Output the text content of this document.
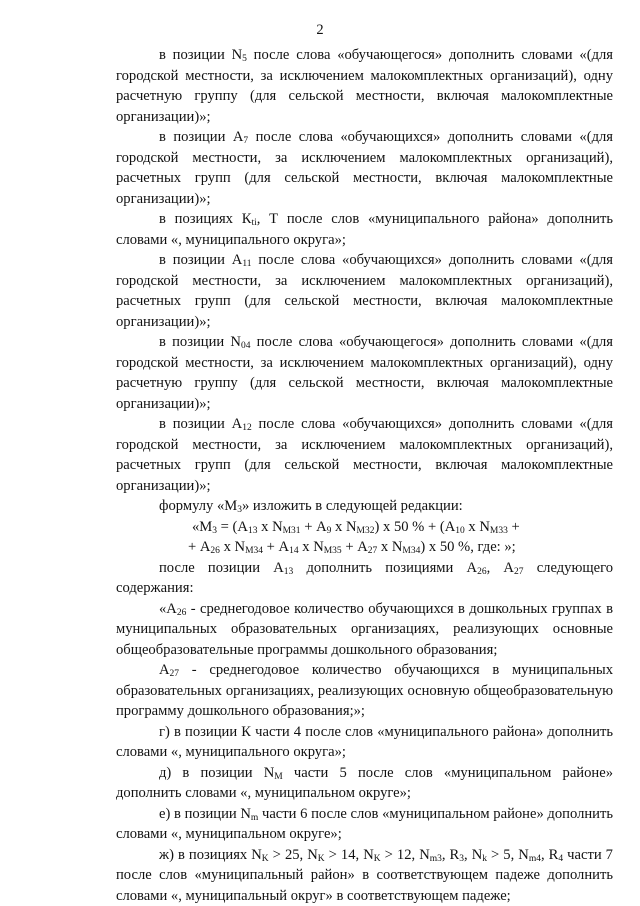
2

в позиции $N_5$ после слова «обучающегося» дополнить словами «(для городской местности, за исключением малокомплектных организаций), одну расчетную группу (для сельской местности, включая малокомплектные организации)»;

в позиции $А_7$ после слова «обучающихся» дополнить словами «(для городской местности, за исключением малокомплектных организаций), расчетных групп (для сельской местности, включая малокомплектные организации)»;

в позициях $К_{ti}$, Т после слов «муниципального района» дополнить словами «, муниципального округа»;

в позиции $А_{11}$ после слова «обучающихся» дополнить словами «(для городской местности, за исключением малокомплектных организаций), расчетных групп (для сельской местности, включая малокомплектные организации)»;

в позиции $N_{04}$ после слова «обучающегося» дополнить словами «(для городской местности, за исключением малокомплектных организаций), одну расчетную группу (для сельской местности, включая малокомплектные организации)»;

в позиции $А_{12}$ после слова «обучающихся» дополнить словами «(для городской местности, за исключением малокомплектных организаций), расчетных групп (для сельской местности, включая малокомплектные организации)»;

формулу «$М_3$» изложить в следующей редакции:

«$М_3 = (А_{13}$ х $N_{М31} + А_9$ х $N_{М32}$) х 50 % + ($А_{10}$ х $N_{М33}$ +

+ $А_{26}$ х $N_{М34} + А_{14}$ х $N_{М35} + А_{27}$ х $N_{М34}$) х 50 %, где: »;

после позиции $А_{13}$ дополнить позициями $А_{26}$, $А_{27}$ следующего содержания:

«$А_{26}$ - среднегодовое количество обучающихся в дошкольных группах в муниципальных образовательных организациях, реализующих основные общеобразовательные программы дошкольного образования;

$А_{27}$ - среднегодовое количество обучающихся в муниципальных образовательных организациях, реализующих основную общеобразовательную программу дошкольного образования;»;

г) в позиции К части 4 после слов «муниципального района» дополнить словами «, муниципального округа»;

д) в позиции $N_М$ части 5 после слов «муниципальном районе» дополнить словами «, муниципальном округе»;

е) в позиции $N_m$ части 6 после слов «муниципальном районе» дополнить словами «, муниципальном округе»;

ж) в позициях $N_K > 25$, $N_K > 14$, $N_K > 12$, $N_{m3}$, $R_3$, $N_k > 5$, $N_{m4}$, $R_4$ части 7 после слов «муниципальный район» в соответствующем падеже дополнить словами «, муниципальный округ» в соответствующем падеже;
